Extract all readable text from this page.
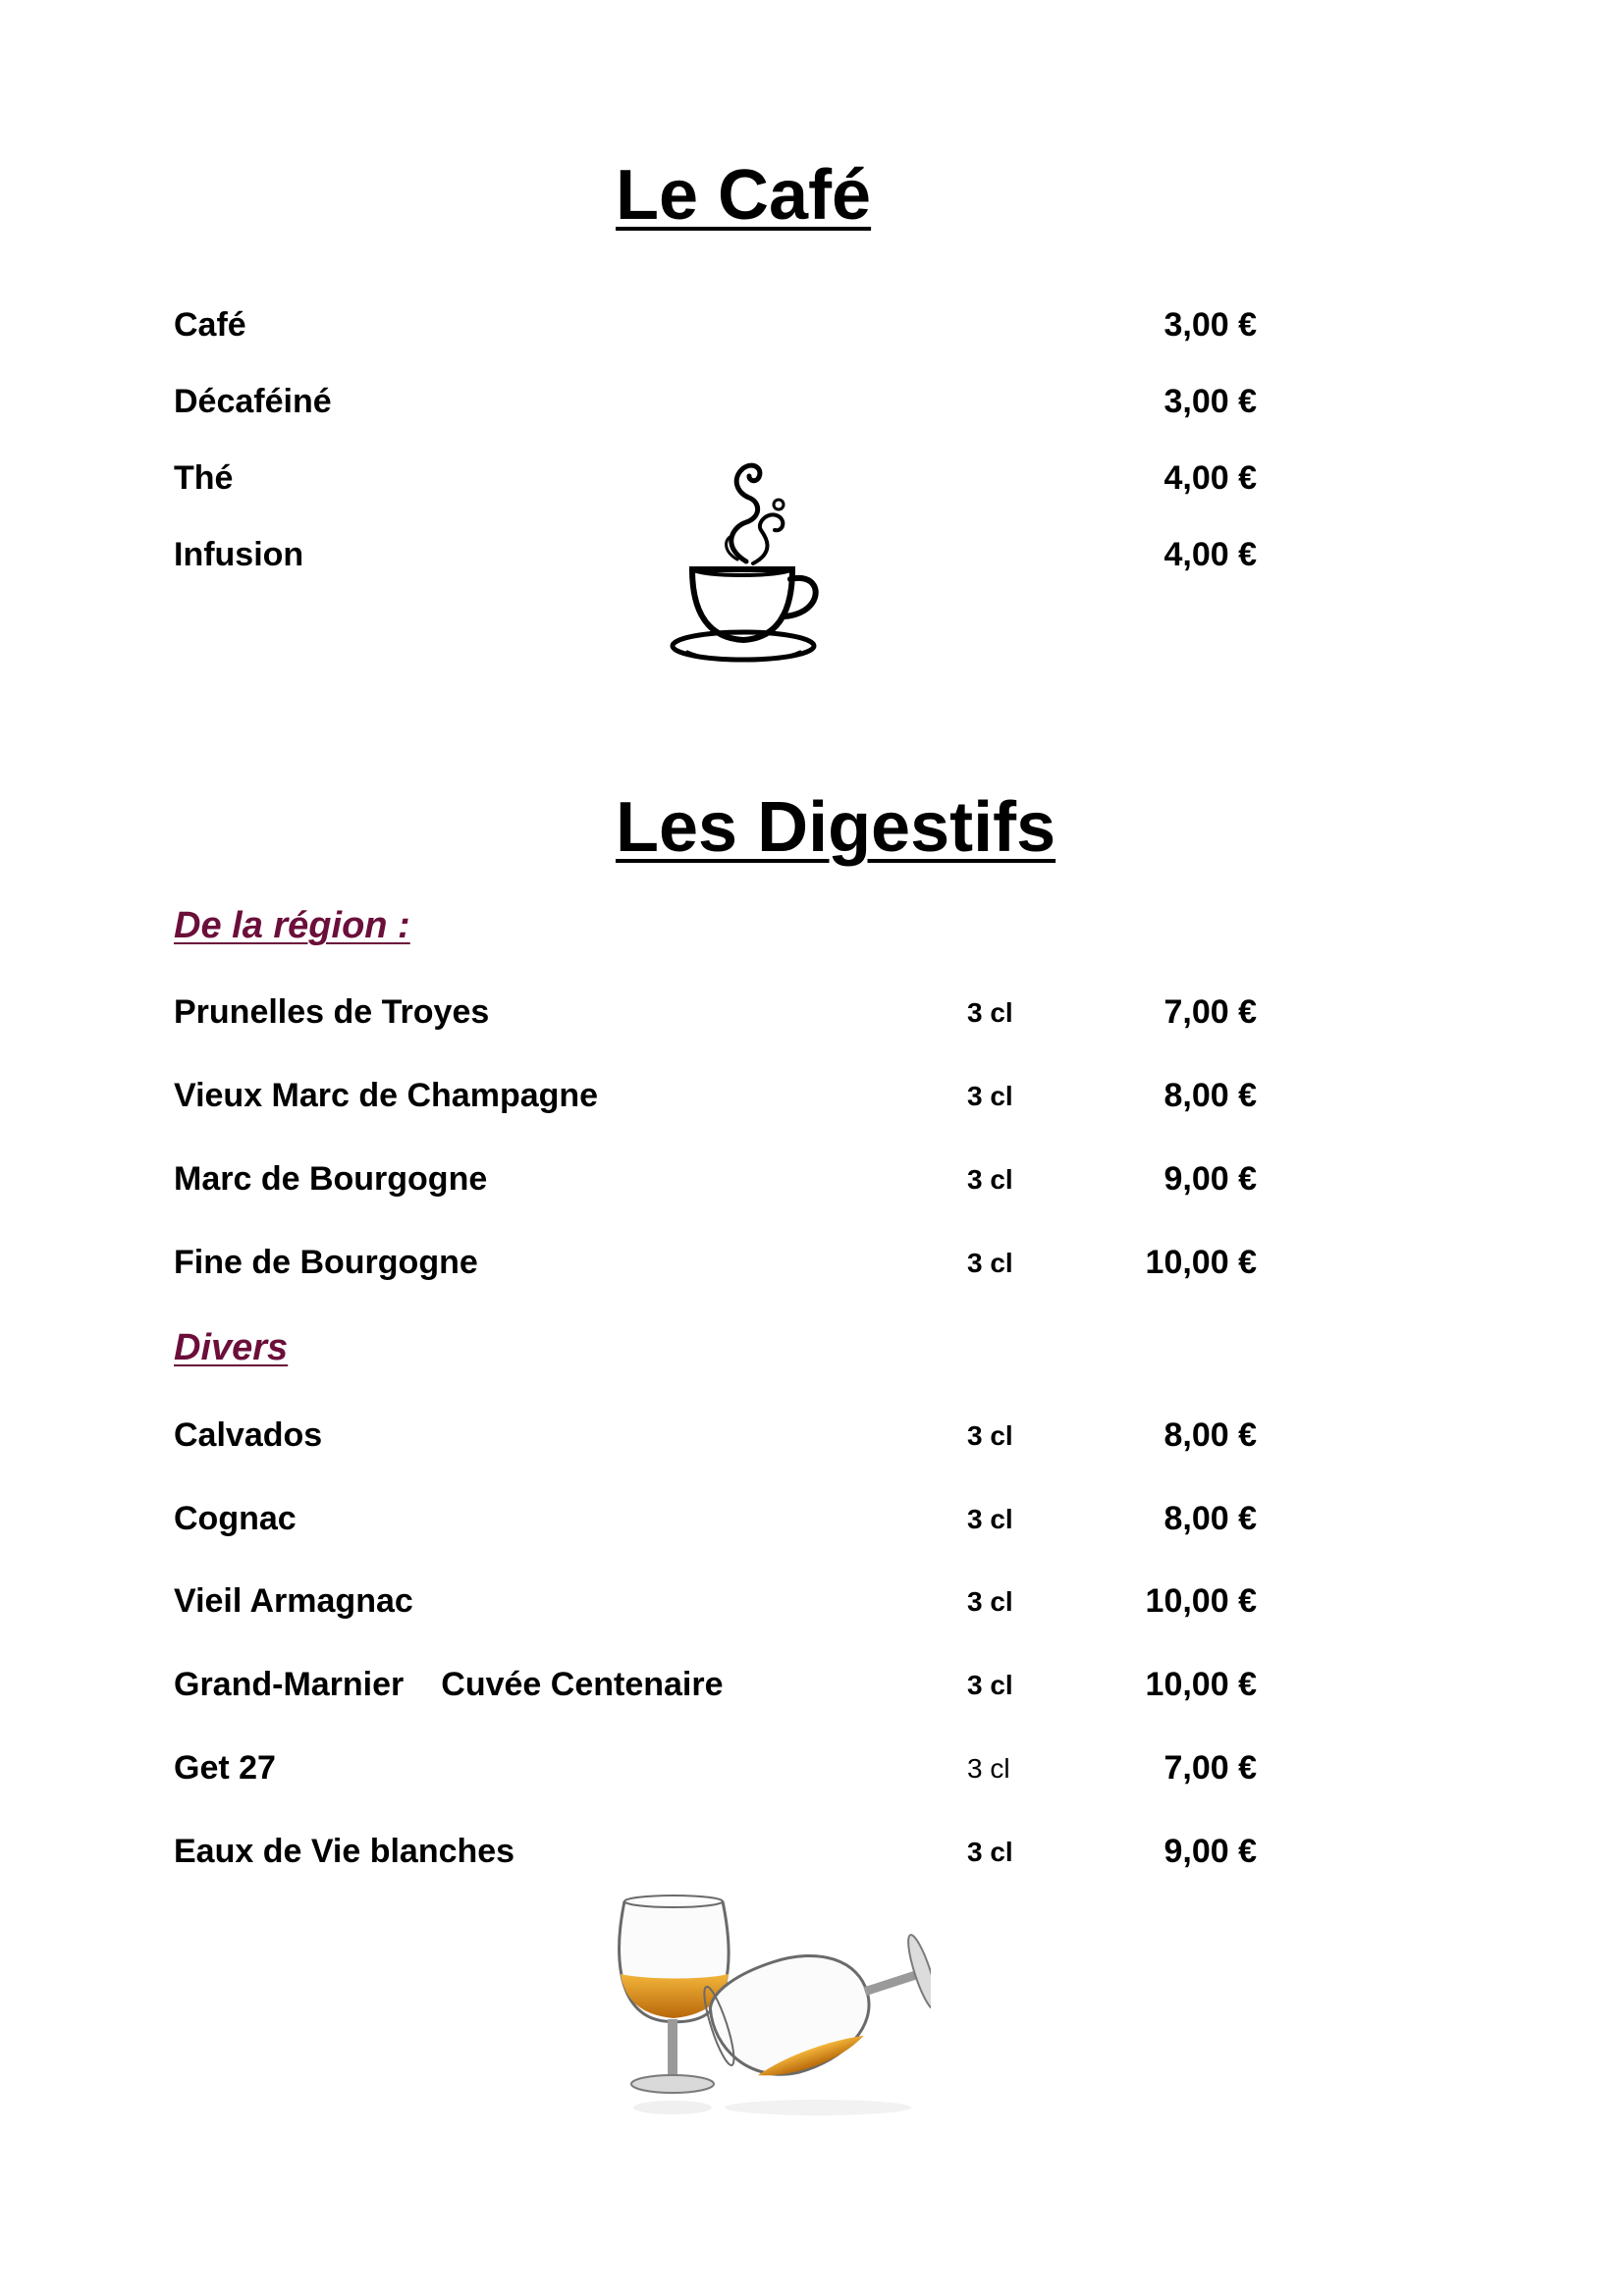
Le Café
Café	3,00 €
Décaféiné	3,00 €
Thé	4,00 €
Infusion	4,00 €
Les Digestifs
De la région :
Prunelles de Troyes	3 cl	7,00 €
Vieux Marc de Champagne	3 cl	8,00 €
Marc de Bourgogne	3 cl	9,00 €
Fine de Bourgogne	3 cl	10,00 €
Divers
Calvados	3 cl	8,00 €
Cognac	3 cl	8,00 €
Vieil Armagnac	3 cl	10,00 €
Grand-Marnier Cuvée Centenaire	3 cl	10,00 €
Get 27	3 cl	7,00 €
Eaux de Vie blanches	3 cl	9,00 €
